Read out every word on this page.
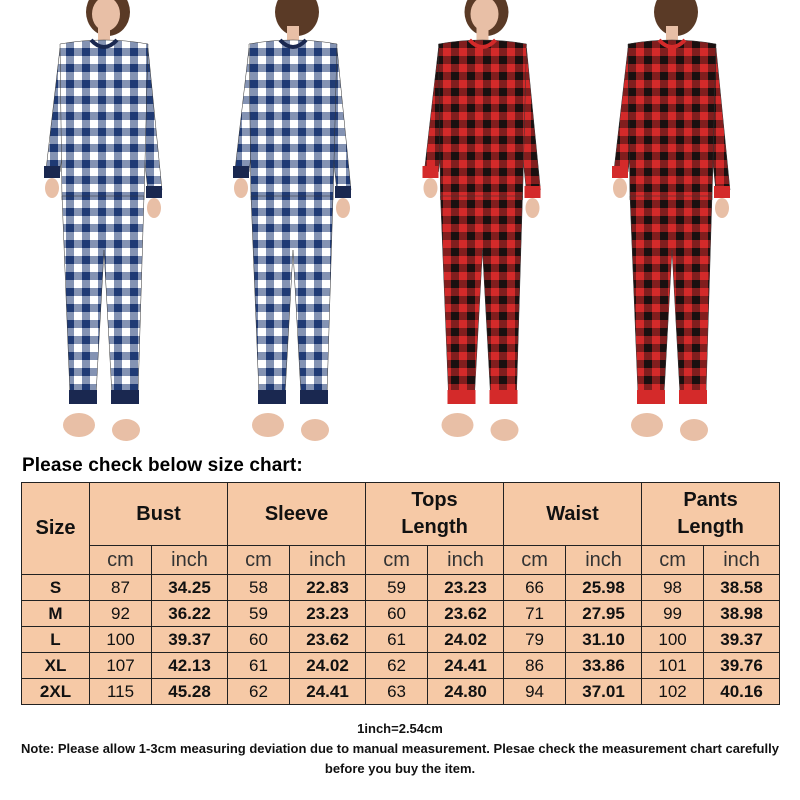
Please check below size chart:
Size	Bust		Sleeve		Tops
Length		Waist		Pants
Length	
	cm	inch	cm	inch	cm	inch	cm	inch	cm	inch
S	87	34.25	58	22.83	59	23.23	66	25.98	98	38.58
M	92	36.22	59	23.23	60	23.62	71	27.95	99	38.98
L	100	39.37	60	23.62	61	24.02	79	31.10	100	39.37
XL	107	42.13	61	24.02	62	24.41	86	33.86	101	39.76
2XL	115	45.28	62	24.41	63	24.80	94	37.01	102	40.16
1inch=2.54cm
Note: Please allow 1-3cm measuring deviation due to manual measurement. Plesae check the measurement chart carefully before you buy the item.
